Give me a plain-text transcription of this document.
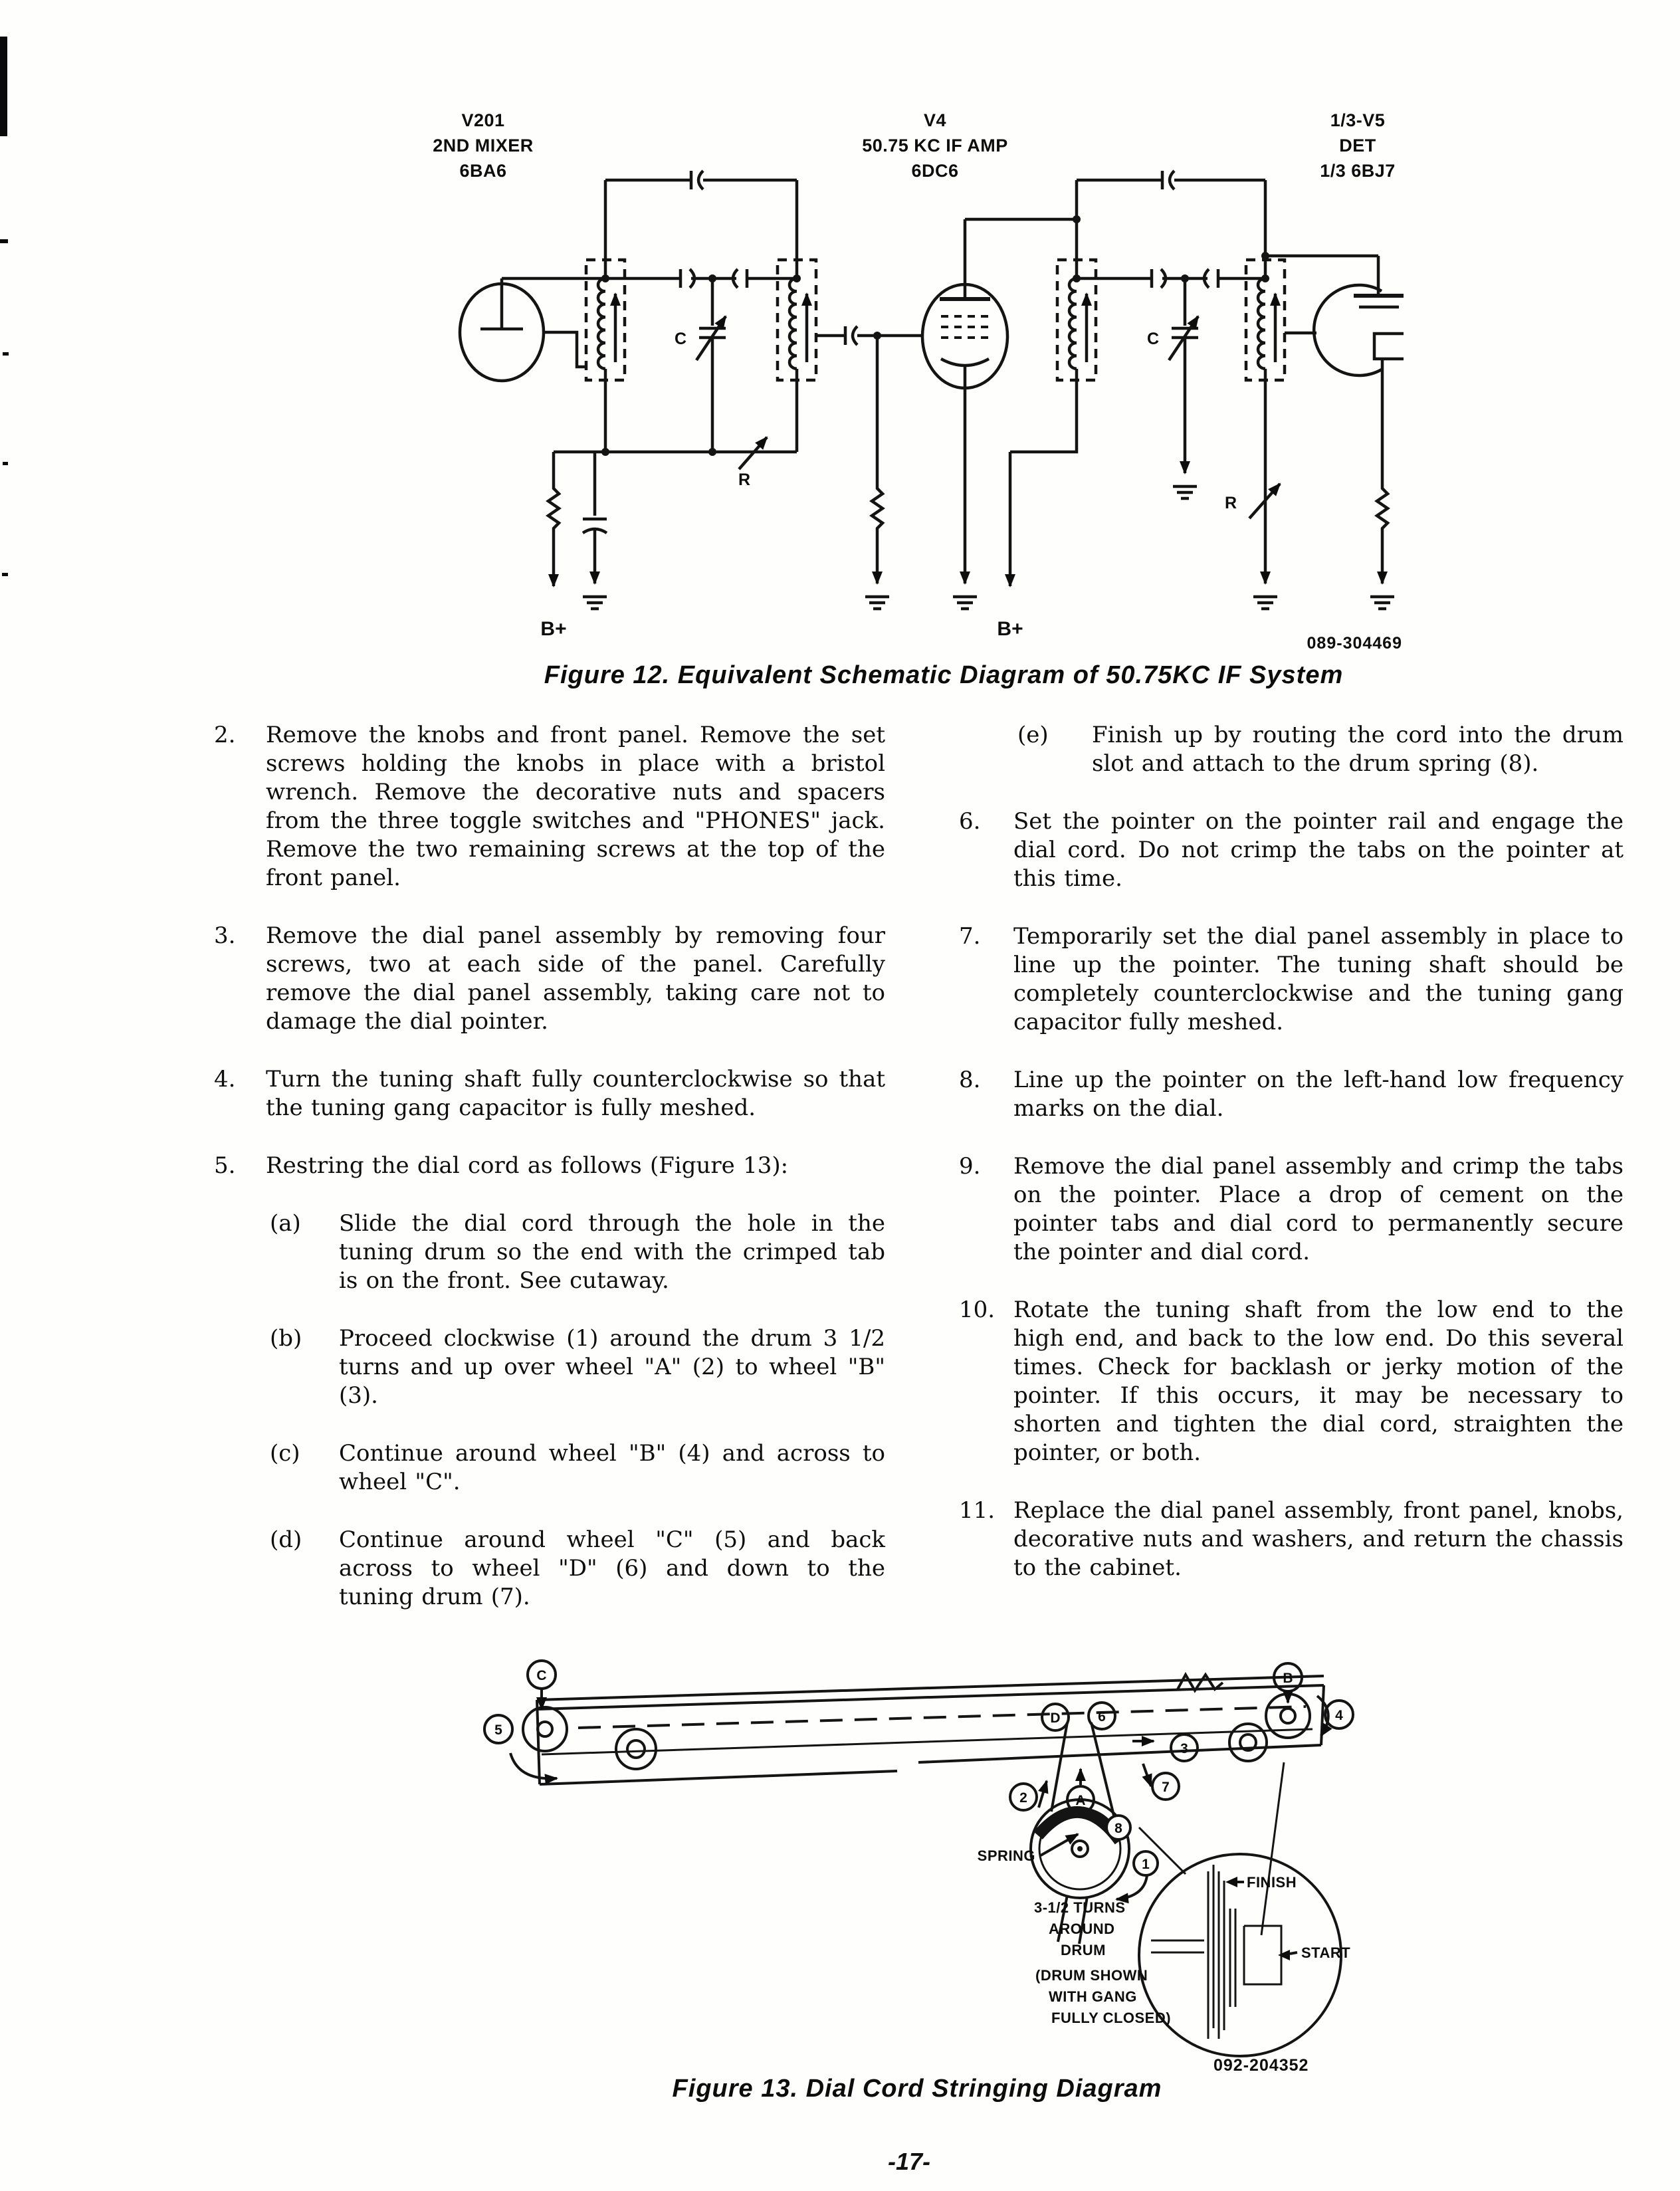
V201
2ND MIXER
6BA6
V4
50.75 KC IF AMP
6DC6
1/3-V5
DET
1/3 6BJ7
C
R
C
R
B+	B+
089-304469
Figure 12. Equivalent Schematic Diagram of 50.75KC IF System
2.	Remove the knobs and front panel. Remove the set screws holding the knobs in place with a bristol wrench. Remove the decorative nuts and spacers from the three toggle switches and "PHONES" jack. Remove the two remaining screws at the top of the front panel.
3.	Remove the dial panel assembly by removing four screws, two at each side of the panel. Carefully remove the dial panel assembly, taking care not to damage the dial pointer.
4.	Turn the tuning shaft fully counterclockwise so that the tuning gang capacitor is fully meshed.
5.	Restring the dial cord as follows (Figure 13):
(a)	Slide the dial cord through the hole in the tuning drum so the end with the crimped tab is on the front. See cutaway.
(b)	Proceed clockwise (1) around the drum 3 1/2 turns and up over wheel "A" (2) to wheel "B" (3).
(c)	Continue around wheel "B" (4) and across to wheel "C".
(d)	Continue around wheel "C" (5) and back across to wheel "D" (6) and down to the tuning drum (7).
(e)	Finish up by routing the cord into the drum slot and attach to the drum spring (8).
6.	Set the pointer on the pointer rail and engage the dial cord. Do not crimp the tabs on the pointer at this time.
7.	Temporarily set the dial panel assembly in place to line up the pointer. The tuning shaft should be completely counterclockwise and the tuning gang capacitor fully meshed.
8.	Line up the pointer on the left-hand low frequency marks on the dial.
9.	Remove the dial panel assembly and crimp the tabs on the pointer. Place a drop of cement on the pointer tabs and dial cord to permanently secure the pointer and dial cord.
10. Rotate the tuning shaft from the low end to the high end, and back to the low end. Do this several times. Check for backlash or jerky motion of the pointer. If this occurs, it may be necessary to shorten and tighten the dial cord, straighten the pointer, or both.
11. Replace the dial panel assembly, front panel, knobs, decorative nuts and washers, and return the chassis to the cabinet.
C
5
B
4
D	6
3
2	A
7
8
1
SPRING
3-1/2 TURNS
AROUND
DRUM
(DRUM SHOWN
WITH GANG
FULLY CLOSED)
FINISH
START
092-204352
Figure 13. Dial Cord Stringing Diagram
-17-
